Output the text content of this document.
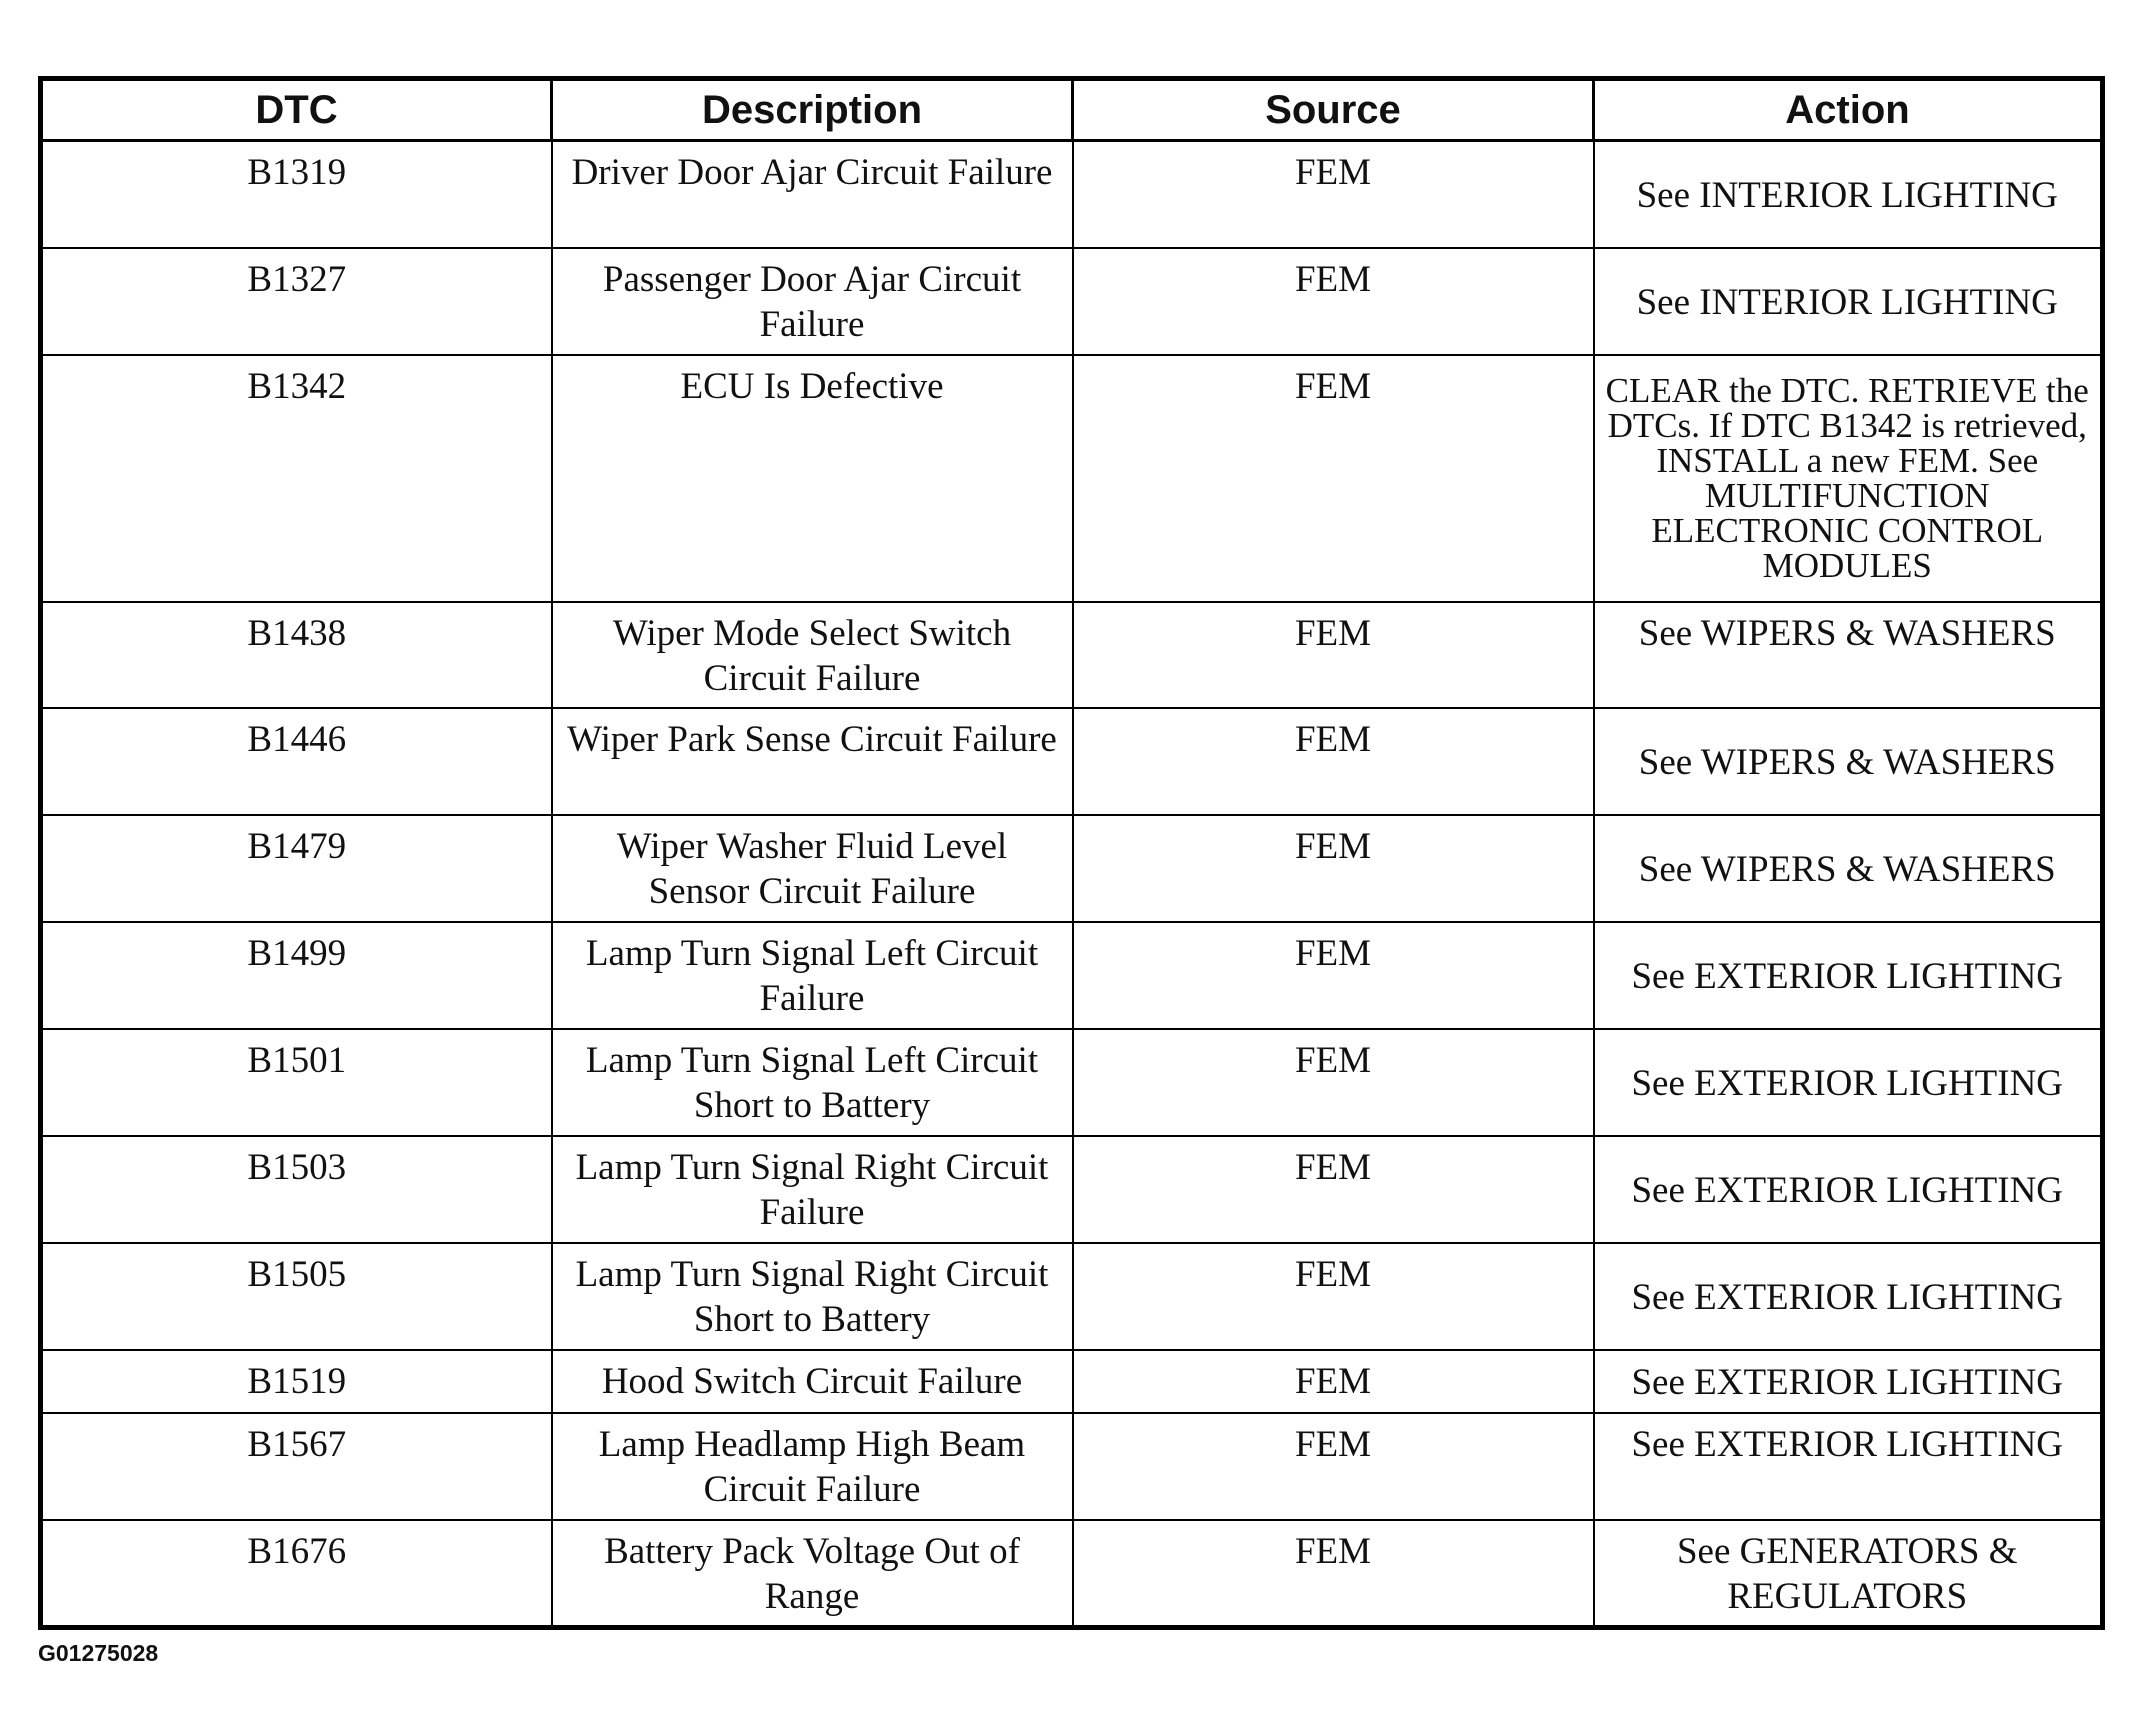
DTC	Description	Source	Action
B1319	Driver Door Ajar Circuit Failure	FEM	See INTERIOR LIGHTING
B1327	Passenger Door Ajar Circuit Failure	FEM	See INTERIOR LIGHTING
B1342	ECU Is Defective	FEM	CLEAR the DTC. RETRIEVE the DTCs. If DTC B1342 is retrieved, INSTALL a new FEM. See MULTIFUNCTION ELECTRONIC CONTROL MODULES
B1438	Wiper Mode Select Switch Circuit Failure	FEM	See WIPERS & WASHERS
B1446	Wiper Park Sense Circuit Failure	FEM	See WIPERS & WASHERS
B1479	Wiper Washer Fluid Level Sensor Circuit Failure	FEM	See WIPERS & WASHERS
B1499	Lamp Turn Signal Left Circuit Failure	FEM	See EXTERIOR LIGHTING
B1501	Lamp Turn Signal Left Circuit Short to Battery	FEM	See EXTERIOR LIGHTING
B1503	Lamp Turn Signal Right Circuit Failure	FEM	See EXTERIOR LIGHTING
B1505	Lamp Turn Signal Right Circuit Short to Battery	FEM	See EXTERIOR LIGHTING
B1519	Hood Switch Circuit Failure	FEM	See EXTERIOR LIGHTING
B1567	Lamp Headlamp High Beam Circuit Failure	FEM	See EXTERIOR LIGHTING
B1676	Battery Pack Voltage Out of Range	FEM	See GENERATORS & REGULATORS
G01275028
